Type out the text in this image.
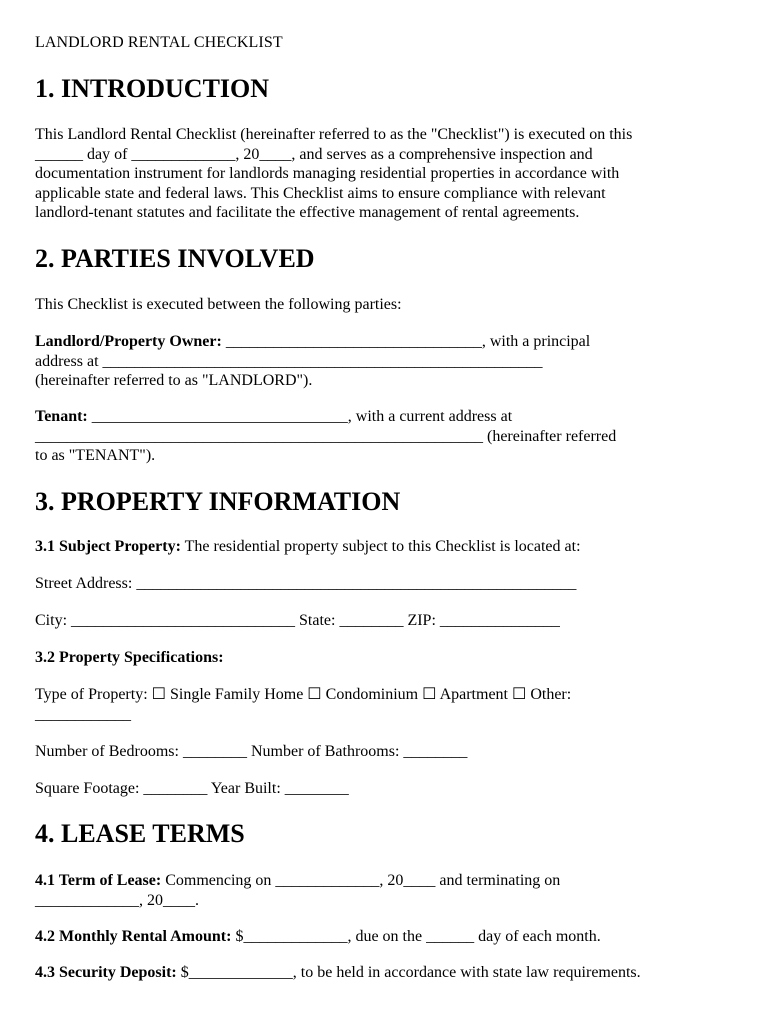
LANDLORD RENTAL CHECKLIST
1. INTRODUCTION
This Landlord Rental Checklist (hereinafter referred to as the "Checklist") is executed on this
______ day of _____________, 20____, and serves as a comprehensive inspection and
documentation instrument for landlords managing residential properties in accordance with
applicable state and federal laws. This Checklist aims to ensure compliance with relevant
landlord-tenant statutes and facilitate the effective management of rental agreements.
2. PARTIES INVOLVED
This Checklist is executed between the following parties:
Landlord/Property Owner: ________________________________, with a principal
address at _______________________________________________________
(hereinafter referred to as "LANDLORD").
Tenant: ________________________________, with a current address at
________________________________________________________ (hereinafter referred
to as "TENANT").
3. PROPERTY INFORMATION
3.1 Subject Property: The residential property subject to this Checklist is located at:
Street Address: _______________________________________________________
City: ____________________________ State: ________ ZIP: _______________
3.2 Property Specifications:
Type of Property: ☐ Single Family Home ☐ Condominium ☐ Apartment ☐ Other:
____________
Number of Bedrooms: ________ Number of Bathrooms: ________
Square Footage: ________ Year Built: ________
4. LEASE TERMS
4.1 Term of Lease: Commencing on _____________, 20____ and terminating on
_____________, 20____.
4.2 Monthly Rental Amount: $_____________, due on the ______ day of each month.
4.3 Security Deposit: $_____________, to be held in accordance with state law requirements.
